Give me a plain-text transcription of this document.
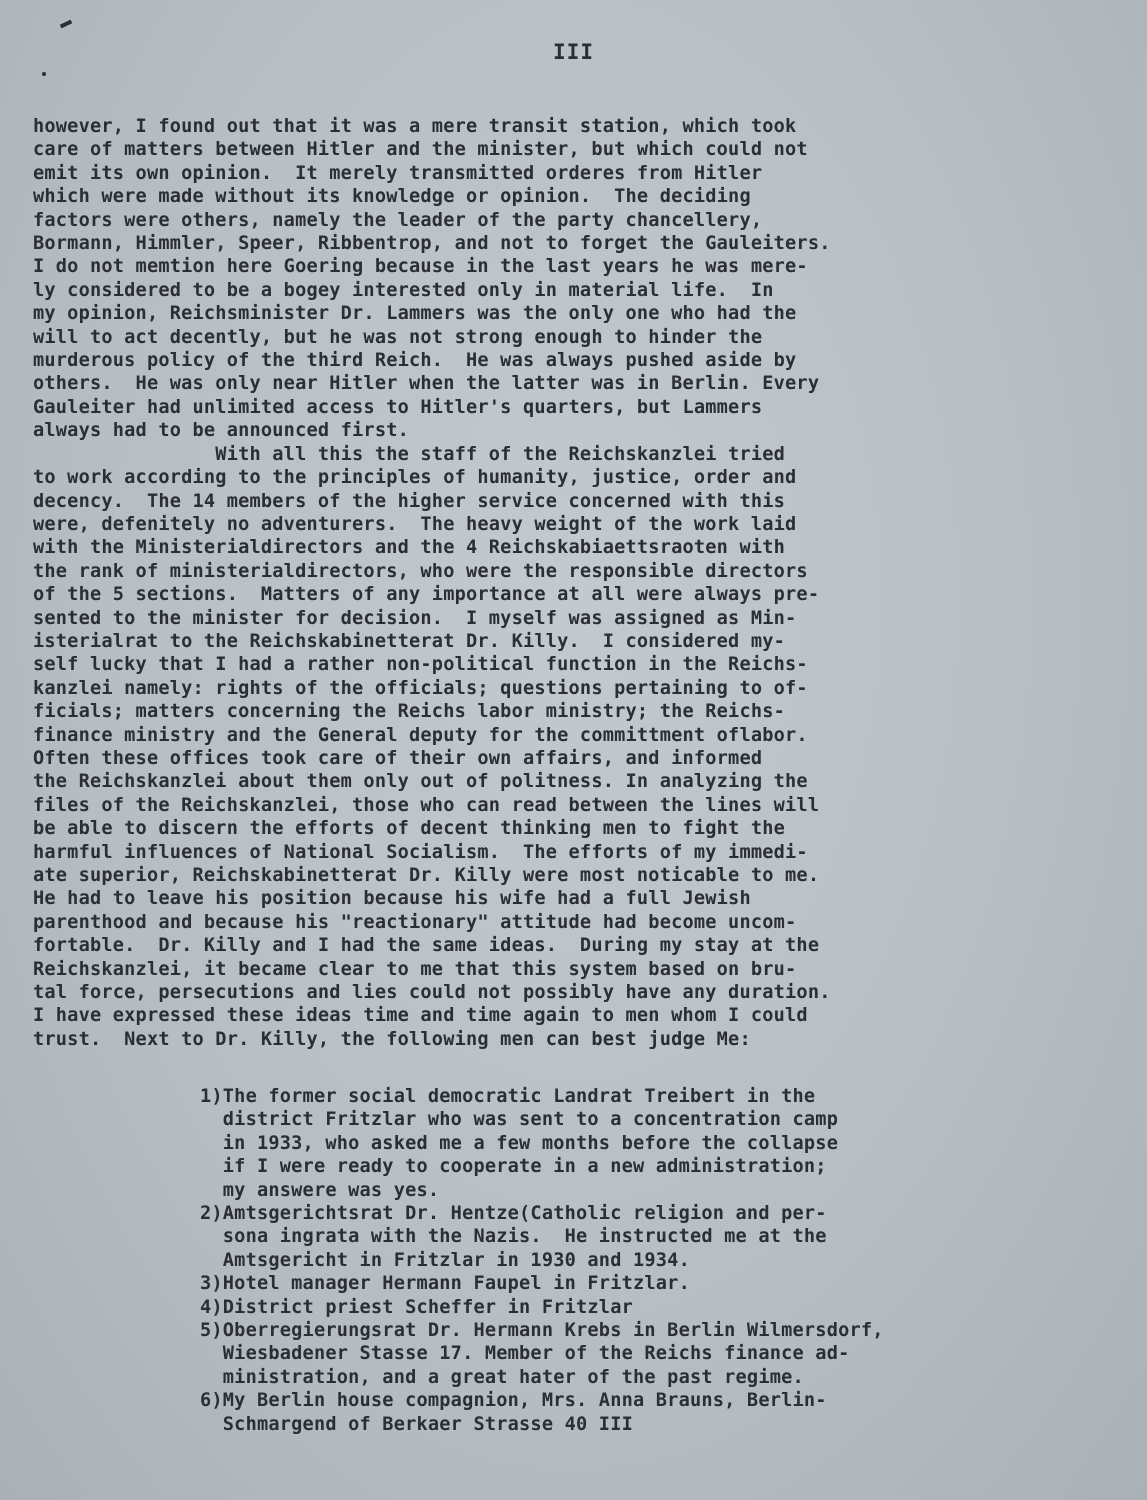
III
however, I found out that it was a mere transit station, which took
care of matters between Hitler and the minister, but which could not
emit its own opinion.  It merely transmitted orderes from Hitler
which were made without its knowledge or opinion.  The deciding
factors were others, namely the leader of the party chancellery,
Bormann, Himmler, Speer, Ribbentrop, and not to forget the Gauleiters.
I do not memtion here Goering because in the last years he was mere-
ly considered to be a bogey interested only in material life.  In
my opinion, Reichsminister Dr. Lammers was the only one who had the
will to act decently, but he was not strong enough to hinder the
murderous policy of the third Reich.  He was always pushed aside by
others.  He was only near Hitler when the latter was in Berlin. Every
Gauleiter had unlimited access to Hitler's quarters, but Lammers
always had to be announced first.
With all this the staff of the Reichskanzlei tried
to work according to the principles of humanity, justice, order and
decency.  The 14 members of the higher service concerned with this
were, defenitely no adventurers.  The heavy weight of the work laid
with the Ministerialdirectors and the 4 Reichskabiaettsraoten with
the rank of ministerialdirectors, who were the responsible directors
of the 5 sections.  Matters of any importance at all were always pre-
sented to the minister for decision.  I myself was assigned as Min-
isterialrat to the Reichskabinetterat Dr. Killy.  I considered my-
self lucky that I had a rather non-political function in the Reichs-
kanzlei namely: rights of the officials; questions pertaining to of-
ficials; matters concerning the Reichs labor ministry; the Reichs-
finance ministry and the General deputy for the committment oflabor.
Often these offices took care of their own affairs, and informed
the Reichskanzlei about them only out of politness. In analyzing the
files of the Reichskanzlei, those who can read between the lines will
be able to discern the efforts of decent thinking men to fight the
harmful influences of National Socialism.  The efforts of my immedi-
ate superior, Reichskabinetterat Dr. Killy were most noticable to me.
He had to leave his position because his wife had a full Jewish
parenthood and because his "reactionary" attitude had become uncom-
fortable.  Dr. Killy and I had the same ideas.  During my stay at the
Reichskanzlei, it became clear to me that this system based on bru-
tal force, persecutions and lies could not possibly have any duration.
I have expressed these ideas time and time again to men whom I could
trust.  Next to Dr. Killy, the following men can best judge Me:
1)The former social democratic Landrat Treibert in the
district Fritzlar who was sent to a concentration camp
in 1933, who asked me a few months before the collapse
if I were ready to cooperate in a new administration;
my answere was yes.
2)Amtsgerichtsrat Dr. Hentze(Catholic religion and per-
sona ingrata with the Nazis.  He instructed me at the
Amtsgericht in Fritzlar in 1930 and 1934.
3)Hotel manager Hermann Faupel in Fritzlar.
4)District priest Scheffer in Fritzlar
5)Oberregierungsrat Dr. Hermann Krebs in Berlin Wilmersdorf,
Wiesbadener Stasse 17. Member of the Reichs finance ad-
ministration, and a great hater of the past regime.
6)My Berlin house compagnion, Mrs. Anna Brauns, Berlin-
Schmargend of Berkaer Strasse 40 III
